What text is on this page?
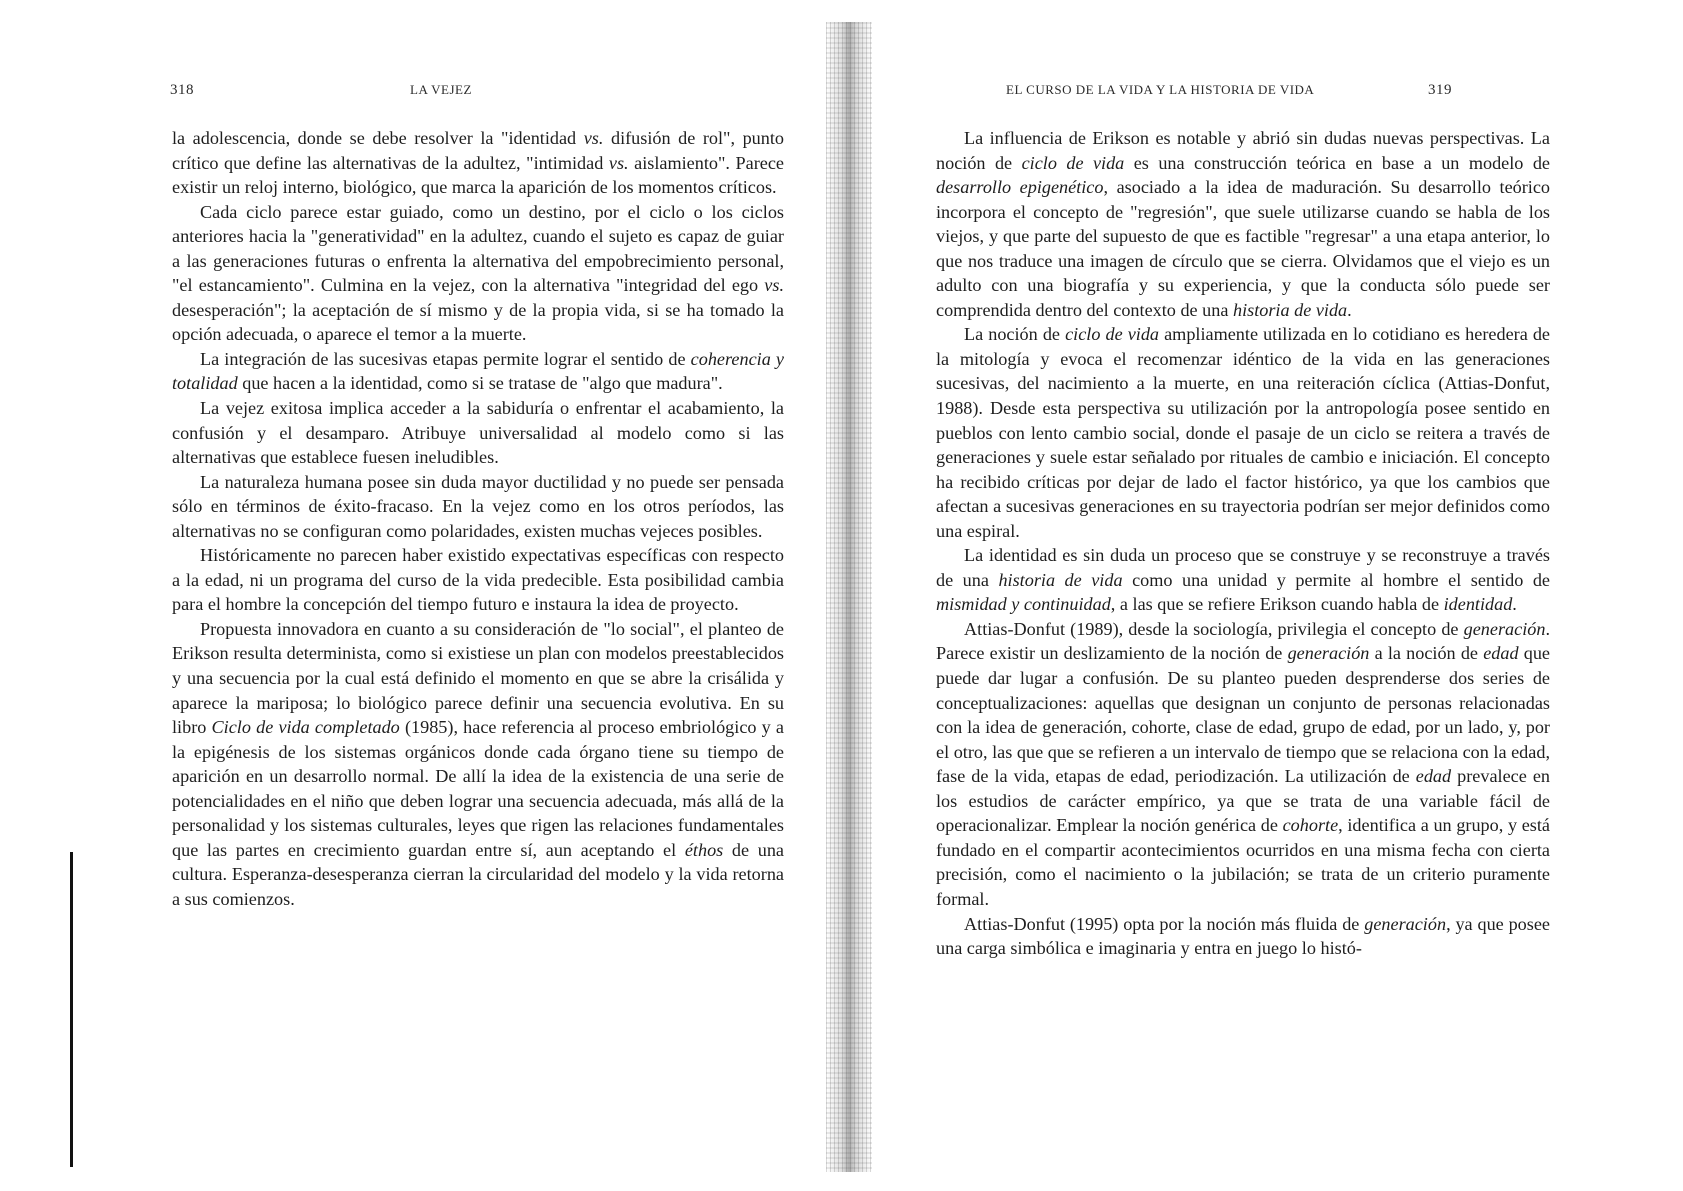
318	LA VEJEZ

la adolescencia, donde se debe resolver la "identidad vs. difusión de rol", punto crítico que define las alternativas de la adultez, "intimidad vs. aislamiento". Parece existir un reloj interno, biológico, que marca la aparición de los momentos críticos.

Cada ciclo parece estar guiado, como un destino, por el ciclo o los ciclos anteriores hacia la "generatividad" en la adultez, cuando el sujeto es capaz de guiar a las generaciones futuras o enfrenta la alternativa del empobrecimiento personal, "el estancamiento". Culmina en la vejez, con la alternativa "integridad del ego vs. desesperación"; la aceptación de sí mismo y de la propia vida, si se ha tomado la opción adecuada, o aparece el temor a la muerte.

La integración de las sucesivas etapas permite lograr el sentido de coherencia y totalidad que hacen a la identidad, como si se tratase de "algo que madura".

La vejez exitosa implica acceder a la sabiduría o enfrentar el acabamiento, la confusión y el desamparo. Atribuye universalidad al modelo como si las alternativas que establece fuesen ineludibles.

La naturaleza humana posee sin duda mayor ductilidad y no puede ser pensada sólo en términos de éxito-fracaso. En la vejez como en los otros períodos, las alternativas no se configuran como polaridades, existen muchas vejeces posibles.

Históricamente no parecen haber existido expectativas específicas con respecto a la edad, ni un programa del curso de la vida predecible. Esta posibilidad cambia para el hombre la concepción del tiempo futuro e instaura la idea de proyecto.

Propuesta innovadora en cuanto a su consideración de "lo social", el planteo de Erikson resulta determinista, como si existiese un plan con modelos preestablecidos y una secuencia por la cual está definido el momento en que se abre la crisálida y aparece la mariposa; lo biológico parece definir una secuencia evolutiva. En su libro Ciclo de vida completado (1985), hace referencia al proceso embriológico y a la epigénesis de los sistemas orgánicos donde cada órgano tiene su tiempo de aparición en un desarrollo normal. De allí la idea de la existencia de una serie de potencialidades en el niño que deben lograr una secuencia adecuada, más allá de la personalidad y los sistemas culturales, leyes que rigen las relaciones fundamentales que las partes en crecimiento guardan entre sí, aun aceptando el éthos de una cultura. Esperanza-desesperanza cierran la circularidad del modelo y la vida retorna a sus comienzos.

EL CURSO DE LA VIDA Y LA HISTORIA DE VIDA	319

La influencia de Erikson es notable y abrió sin dudas nuevas perspectivas. La noción de ciclo de vida es una construcción teórica en base a un modelo de desarrollo epigenético, asociado a la idea de maduración. Su desarrollo teórico incorpora el concepto de "regresión", que suele utilizarse cuando se habla de los viejos, y que parte del supuesto de que es factible "regresar" a una etapa anterior, lo que nos traduce una imagen de círculo que se cierra. Olvidamos que el viejo es un adulto con una biografía y su experiencia, y que la conducta sólo puede ser comprendida dentro del contexto de una historia de vida.

La noción de ciclo de vida ampliamente utilizada en lo cotidiano es heredera de la mitología y evoca el recomenzar idéntico de la vida en las generaciones sucesivas, del nacimiento a la muerte, en una reiteración cíclica (Attias-Donfut, 1988). Desde esta perspectiva su utilización por la antropología posee sentido en pueblos con lento cambio social, donde el pasaje de un ciclo se reitera a través de generaciones y suele estar señalado por rituales de cambio e iniciación. El concepto ha recibido críticas por dejar de lado el factor histórico, ya que los cambios que afectan a sucesivas generaciones en su trayectoria podrían ser mejor definidos como una espiral.

La identidad es sin duda un proceso que se construye y se reconstruye a través de una historia de vida como una unidad y permite al hombre el sentido de mismidad y continuidad, a las que se refiere Erikson cuando habla de identidad.

Attias-Donfut (1989), desde la sociología, privilegia el concepto de generación. Parece existir un deslizamiento de la noción de generación a la noción de edad que puede dar lugar a confusión. De su planteo pueden desprenderse dos series de conceptualizaciones: aquellas que designan un conjunto de personas relacionadas con la idea de generación, cohorte, clase de edad, grupo de edad, por un lado, y, por el otro, las que que se refieren a un intervalo de tiempo que se relaciona con la edad, fase de la vida, etapas de edad, periodización. La utilización de edad prevalece en los estudios de carácter empírico, ya que se trata de una variable fácil de operacionalizar. Emplear la noción genérica de cohorte, identifica a un grupo, y está fundado en el compartir acontecimientos ocurridos en una misma fecha con cierta precisión, como el nacimiento o la jubilación; se trata de un criterio puramente formal.

Attias-Donfut (1995) opta por la noción más fluida de generación, ya que posee una carga simbólica e imaginaria y entra en juego lo histó-
